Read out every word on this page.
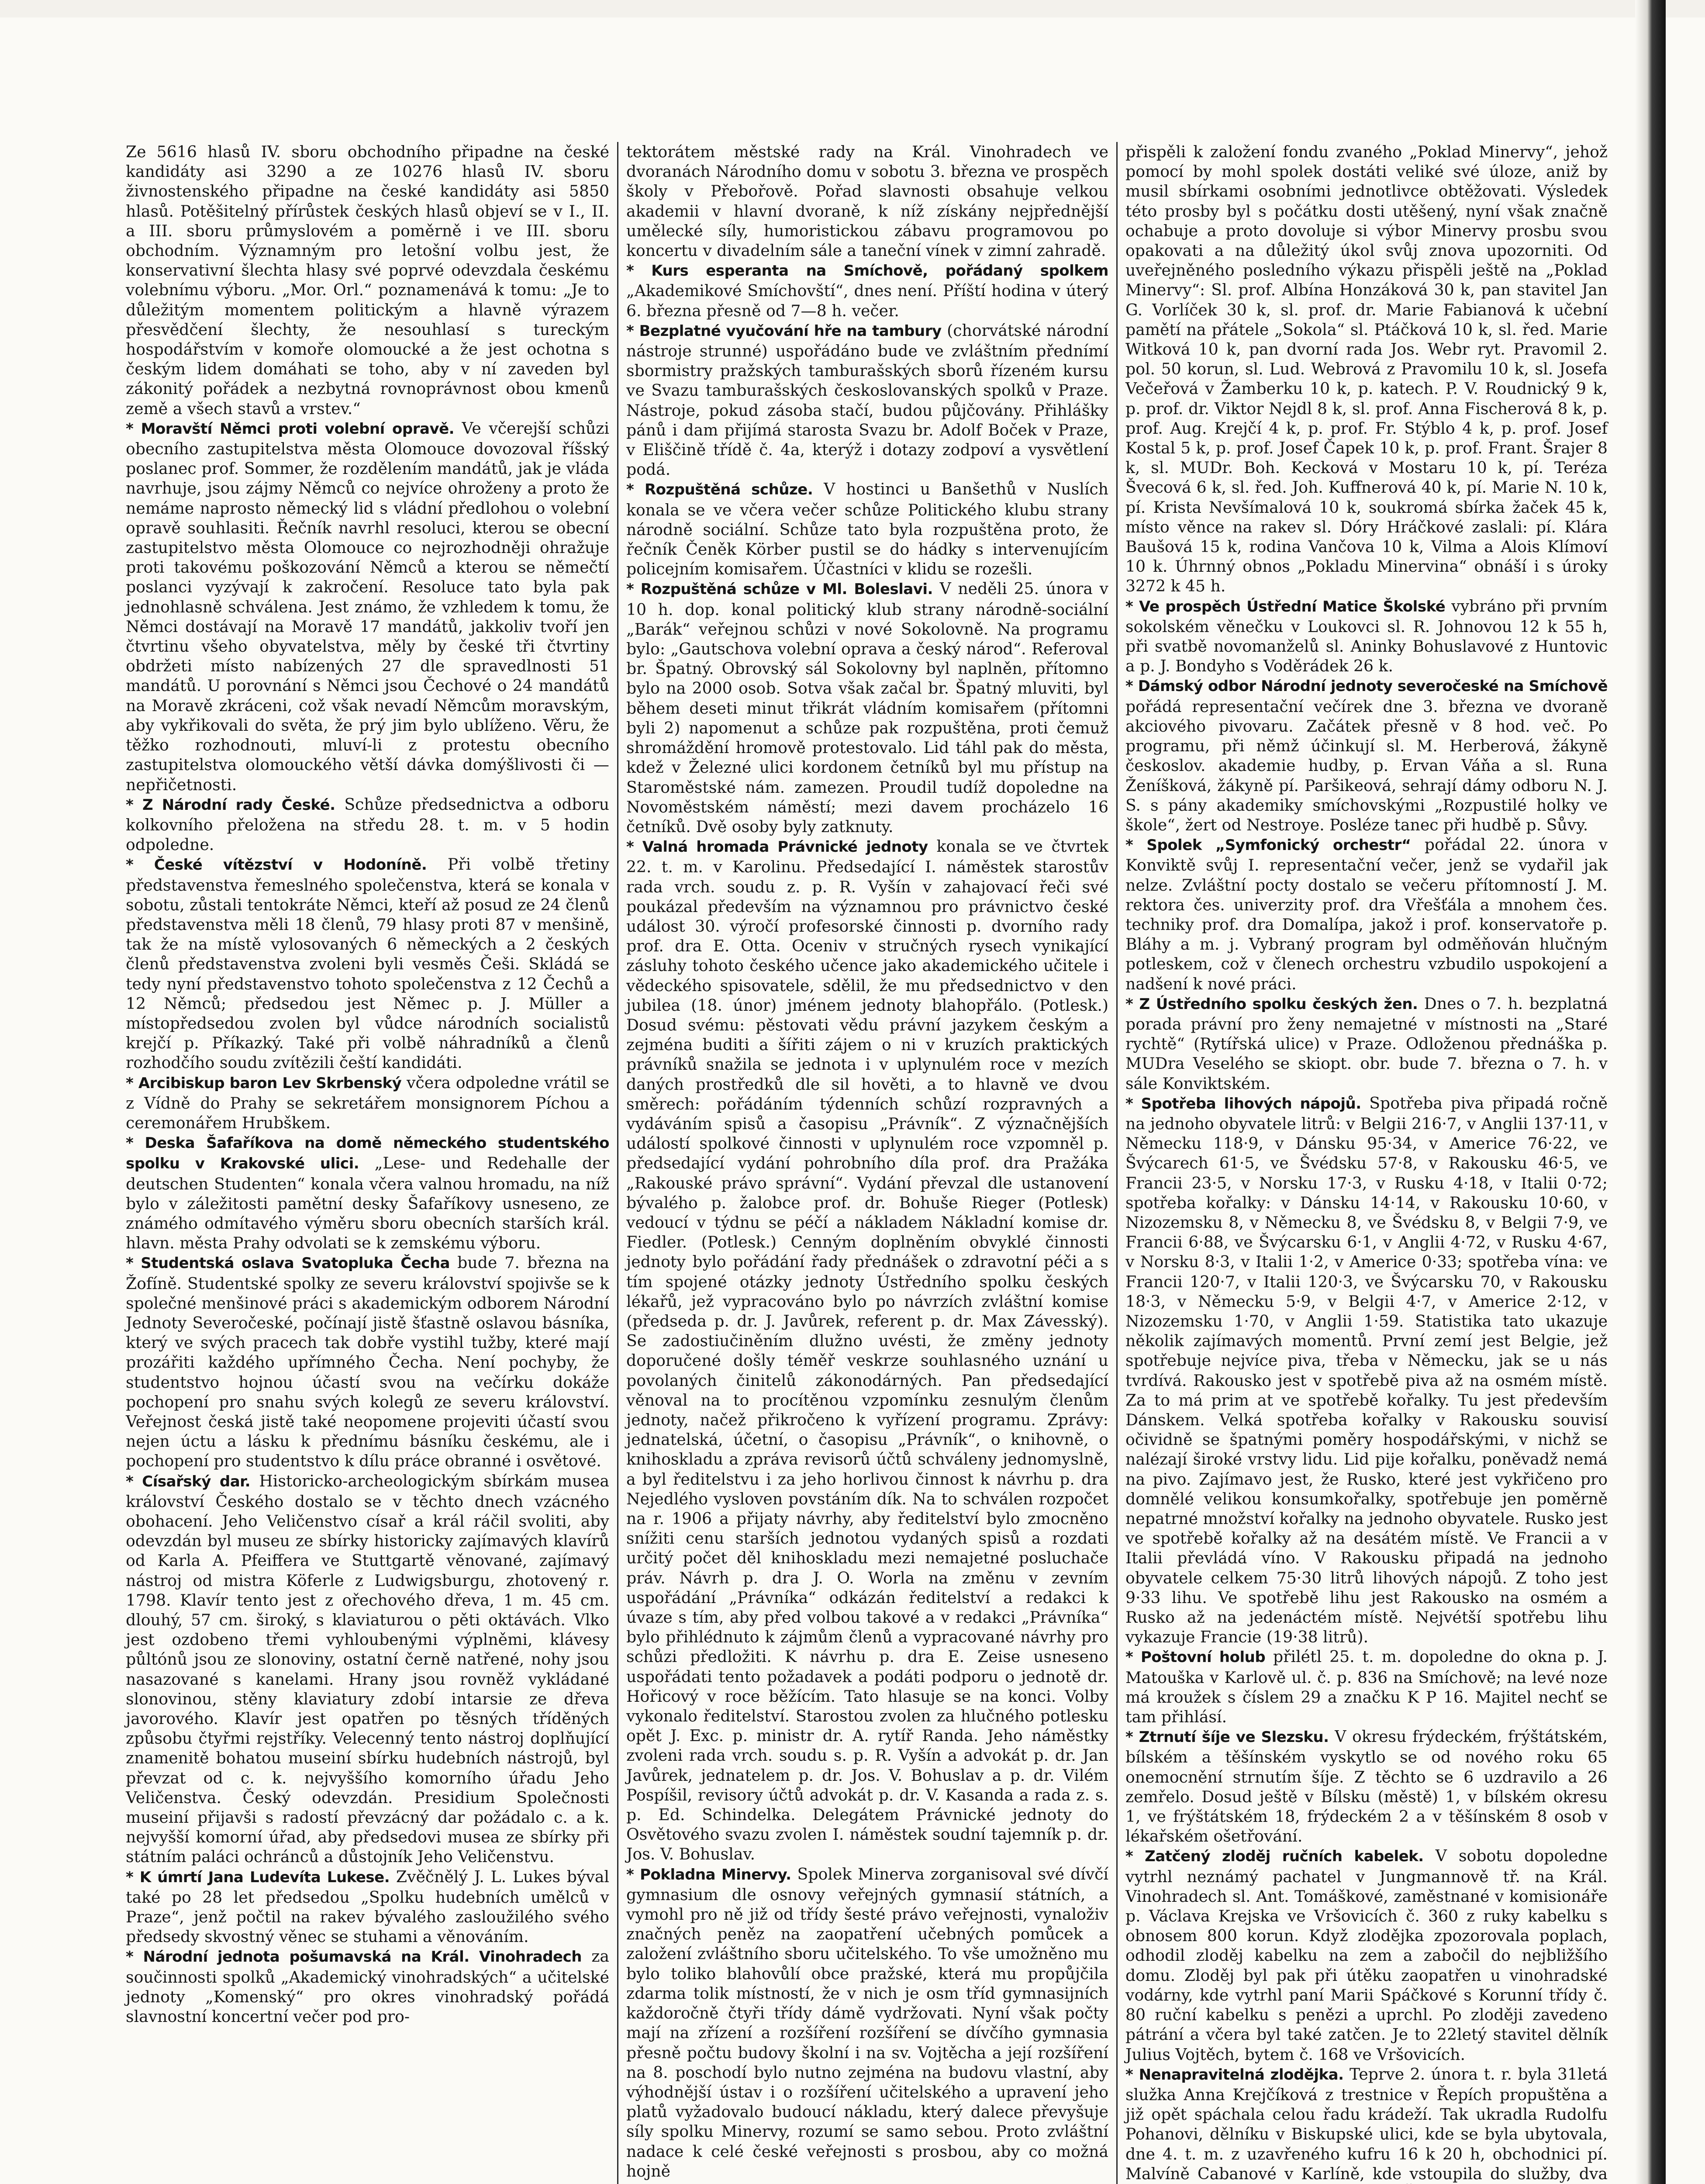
Ze 5616 hlasů IV. sboru obchodního připadne na české kandidáty asi 3290 a ze 10276 hlasů IV. sboru živnostenského připadne na české kandidáty asi 5850 hlasů. Potěšitelný přírůstek českých hlasů objeví se v I., II. a III. sboru průmyslovém a poměrně i ve III. sboru obchodním. Významným pro letošní volbu jest, že konservativní šlechta hlasy své poprvé odevzdala českému volebnímu výboru. „Mor. Orl.“ poznamenává k tomu: „Je to důležitým momentem politickým a hlavně výrazem přesvědčení šlechty, že nesouhlasí s tureckým hospodářstvím v komoře olomoucké a že jest ochotna s českým lidem domáhati se toho, aby v ní zaveden byl zákonitý pořádek a nezbytná rovnoprávnost obou kmenů země a všech stavů a vrstev.“

* Moravští Němci proti volební opravě. Ve včerejší schůzi obecního zastupitelstva města Olomouce dovozoval říšský poslanec prof. Sommer, že rozdělením mandátů, jak je vláda navrhuje, jsou zájmy Němců co nejvíce ohroženy a proto že nemáme naprosto německý lid s vládní předlohou o volební opravě souhlasiti. Řečník navrhl resoluci, kterou se obecní zastupitelstvo města Olomouce co nejrozhodněji ohražuje proti takovému poškozování Němců a kterou se němečtí poslanci vyzývají k zakročení. Resoluce tato byla pak jednohlasně schválena. Jest známo, že vzhledem k tomu, že Němci dostávají na Moravě 17 mandátů, jakkoliv tvoří jen čtvrtinu všeho obyvatelstva, měly by české tři čtvrtiny obdržeti místo nabízených 27 dle spravedlnosti 51 mandátů. U porovnání s Němci jsou Čechové o 24 mandátů na Moravě zkráceni, což však nevadí Němcům moravským, aby vykřikovali do světa, že prý jim bylo ublíženo. Věru, že těžko rozhodnouti, mluví-li z protestu obecního zastupitelstva olomouckého větší dávka domýšlivosti či — nepřičetnosti.

* Z Národní rady České. Schůze předsednictva a odboru kolkovního přeložena na středu 28. t. m. v 5 hodin odpoledne.

* České vítězství v Hodoníně. Při volbě třetiny představenstva řemeslného společenstva, která se konala v sobotu, zůstali tentokráte Němci, kteří až posud ze 24 členů představenstva měli 18 členů, 79 hlasy proti 87 v menšině, tak že na místě vylosovaných 6 německých a 2 českých členů představenstva zvoleni byli vesměs Češi. Skládá se tedy nyní představenstvo tohoto společenstva z 12 Čechů a 12 Němců; předsedou jest Němec p. J. Müller a místopředsedou zvolen byl vůdce národních socialistů krejčí p. Příkazký. Také při volbě náhradníků a členů rozhodčího soudu zvítězili čeští kandidáti.

* Arcibiskup baron Lev Skrbenský včera odpoledne vrátil se z Vídně do Prahy se sekretářem monsignorem Píchou a ceremonářem Hrubškem.

* Deska Šafaříkova na domě německého studentského spolku v Krakovské ulici. „Lese- und Redehalle der deutschen Studenten“ konala včera valnou hromadu, na níž bylo v záležitosti pamětní desky Šafaříkovy usneseno, ze známého odmítavého výměru sboru obecních starších král. hlavn. města Prahy odvolati se k zemskému výboru.

* Studentská oslava Svatopluka Čecha bude 7. března na Žofíně. Studentské spolky ze severu království spojivše se k společné menšinové práci s akademickým odborem Národní Jednoty Severočeské, počínají jistě šťastně oslavou básníka, který ve svých pracech tak dobře vystihl tužby, které mají prozářiti každého upřímného Čecha. Není pochyby, že studentstvo hojnou účastí svou na večírku dokáže pochopení pro snahu svých kolegů ze severu království. Veřejnost česká jistě také neopomene projeviti účastí svou nejen úctu a lásku k přednímu básníku českému, ale i pochopení pro studentstvo k dílu práce obranné i osvětové.

* Císařský dar. Historicko-archeologickým sbírkám musea království Českého dostalo se v těchto dnech vzácného obohacení. Jeho Veličenstvo císař a král ráčil svoliti, aby odevzdán byl museu ze sbírky historicky zajímavých klavírů od Karla A. Pfeiffera ve Stuttgartě věnované, zajímavý nástroj od mistra Köferle z Ludwigsburgu, zhotovený r. 1798. Klavír tento jest z ořechového dřeva, 1 m. 45 cm. dlouhý, 57 cm. široký, s klaviaturou o pěti oktávách. Vlko jest ozdobeno třemi vyhloubenými výplněmi, klávesy půltónů jsou ze slonoviny, ostatní černě natřené, nohy jsou nasazované s kanelami. Hrany jsou rovněž vykládané slonovinou, stěny klaviatury zdobí intarsie ze dřeva javorového. Klavír jest opatřen po těsných tříděných způsobu čtyřmi rejstříky. Velecenný tento nástroj doplňující znamenitě bohatou museiní sbírku hudebních nástrojů, byl převzat od c. k. nejvyššího komorního úřadu Jeho Veličenstva. Český odevzdán. Presidium Společnosti museiní přijavši s radostí převzácný dar požádalo c. a k. nejvyšší komorní úřad, aby předsedovi musea ze sbírky při státním paláci ochránců a důstojník Jeho Veličenstvu.

* K úmrtí Jana Ludevíta Lukese. Zvěčnělý J. L. Lukes býval také po 28 let předsedou „Spolku hudebních umělců v Praze“, jenž počtil na rakev bývalého zasloužilého svého předsedy skvostný věnec se stuhami a věnováním.

* Národní jednota pošumavská na Král. Vinohradech za součinnosti spolků „Akademický vinohradských“ a učitelské jednoty „Komenský“ pro okres vinohradský pořádá slavnostní koncertní večer pod pro-

tektorátem městské rady na Král. Vinohradech ve dvoranách Národního domu v sobotu 3. března ve prospěch školy v Přebořově. Pořad slavnosti obsahuje velkou akademii v hlavní dvoraně, k níž získány nejpřednější umělecké síly, humoristickou zábavu programovou po koncertu v divadelním sále a taneční vínek v zimní zahradě.

* Kurs esperanta na Smíchově, pořádaný spolkem „Akademikové Smíchovští“, dnes není. Příští hodina v úterý 6. března přesně od 7—8 h. večer.

* Bezplatné vyučování hře na tambury (chorvátské národní nástroje strunné) uspořádáno bude ve zvláštním přednímí sbormistry pražských tamburašských sborů řízeném kursu ve Svazu tamburašských českoslovanských spolků v Praze. Nástroje, pokud zásoba stačí, budou půjčovány. Přihlášky pánů i dam přijímá starosta Svazu br. Adolf Boček v Praze, v Eliščině třídě č. 4a, kterýž i dotazy zodpoví a vysvětlení podá.

* Rozpuštěná schůze. V hostinci u Banšethů v Nuslích konala se ve včera večer schůze Politického klubu strany národně sociální. Schůze tato byla rozpuštěna proto, že řečník Čeněk Körber pustil se do hádky s intervenujícím policejním komisařem. Účastníci v klidu se rozešli.

* Rozpuštěná schůze v Ml. Boleslavi. V neděli 25. února v 10 h. dop. konal politický klub strany národně-sociální „Barák“ veřejnou schůzi v nové Sokolovně. Na programu bylo: „Gautschova volební oprava a český národ“. Referoval br. Špatný. Obrovský sál Sokolovny byl naplněn, přítomno bylo na 2000 osob. Sotva však začal br. Špatný mluviti, byl během deseti minut třikrát vládním komisařem (přítomni byli 2) napomenut a schůze pak rozpuštěna, proti čemuž shromáždění hromově protestovalo. Lid táhl pak do města, kdež v Železné ulici kordonem četníků byl mu přístup na Staroměstské nám. zamezen. Proudil tudíž dopoledne na Novoměstském náměstí; mezi davem procházelo 16 četníků. Dvě osoby byly zatknuty.

* Valná hromada Právnické jednoty konala se ve čtvrtek 22. t. m. v Karolinu. Předsedající I. náměstek starostův rada vrch. soudu z. p. R. Vyšín v zahajovací řeči své poukázal především na významnou pro právnictvo české událost 30. výročí profesorské činnosti p. dvorního rady prof. dra E. Otta. Oceniv v stručných rysech vynikající zásluhy tohoto českého učence jako akademického učitele i vědeckého spisovatele, sdělil, že mu předsednictvo v den jubilea (18. únor) jménem jednoty blahopřálo. (Potlesk.) Dosud svému: pěstovati vědu právní jazykem českým a zejména buditi a šířiti zájem o ni v kruzích praktických právníků snažila se jednota i v uplynulém roce v mezích daných prostředků dle sil hověti, a to hlavně ve dvou směrech: pořádáním týdenních schůzí rozpravných a vydáváním spisů a časopisu „Právník“. Z význačnějších událostí spolkové činnosti v uplynulém roce vzpomněl p. předsedající vydání pohrobního díla prof. dra Pražáka „Rakouské právo správní“. Vydání převzal dle ustanovení bývalého p. žalobce prof. dr. Bohuše Rieger (Potlesk) vedoucí v týdnu se péčí a nákladem Nákladní komise dr. Fiedler. (Potlesk.) Cenným doplněním obvyklé činnosti jednoty bylo pořádání řady přednášek o zdravotní péči a s tím spojené otázky jednoty Ústředního spolku českých lékařů, jež vypracováno bylo po návrzích zvláštní komise (předseda p. dr. J. Javůrek, referent p. dr. Max Závesský). Se zadostiučiněním dlužno uvésti, že změny jednoty doporučené došly téměř veskrze souhlasného uznání u povolaných činitelů zákonodárných. Pan předsedající věnoval na to procítěnou vzpomínku zesnulým členům jednoty, načež přikročeno k vyřízení programu. Zprávy: jednatelská, účetní, o časopisu „Právník“, o knihovně, o knihoskladu a zpráva revisorů účtů schváleny jednomyslně, a byl ředitelstvu i za jeho horlivou činnost k návrhu p. dra Nejedlého vysloven povstáním dík. Na to schválen rozpočet na r. 1906 a přijaty návrhy, aby ředitelství bylo zmocněno snížiti cenu starších jednotou vydaných spisů a rozdati určitý počet děl knihoskladu mezi nemajetné posluchače práv. Návrh p. dra J. O. Worla na změnu v zevním uspořádání „Právníka“ odkázán ředitelství a redakci k úvaze s tím, aby před volbou takové a v redakci „Právníka“ bylo přihlédnuto k zájmům členů a vypracované návrhy pro schůzi předložiti. K návrhu p. dra E. Zeise usneseno uspořádati tento požadavek a podáti podporu o jednotě dr. Hořicový v roce běžícím. Tato hlasuje se na konci. Volby vykonalo ředitelství. Starostou zvolen za hlučného potlesku opět J. Exc. p. ministr dr. A. rytíř Randa. Jeho náměstky zvoleni rada vrch. soudu s. p. R. Vyšín a advokát p. dr. Jan Javůrek, jednatelem p. dr. Jos. V. Bohuslav a p. dr. Vilém Pospíšil, revisory účtů advokát p. dr. V. Kasanda a rada z. s. p. Ed. Schindelka. Delegátem Právnické jednoty do Osvětového svazu zvolen I. náměstek soudní tajemník p. dr. Jos. V. Bohuslav.

* Pokladna Minervy. Spolek Minerva zorganisoval své dívčí gymnasium dle osnovy veřejných gymnasií státních, a vymohl pro ně již od třídy šesté právo veřejnosti, vynaloživ značných peněz na zaopatření učebných pomůcek a založení zvláštního sboru učitelského. To vše umožněno mu bylo toliko blahovůlí obce pražské, která mu propůjčila zdarma tolik místností, že v nich je osm tříd gymnasijních každoročně čtyři třídy dámě vydržovati. Nyní však počty mají na zřízení a rozšíření rozšíření se dívčího gymnasia přesně počtu budovy školní i na sv. Vojtěcha a její rozšíření na 8. poschodí bylo nutno zejména na budovu vlastní, aby výhodnější ústav i o rozšíření učitelského a upravení jeho platů vyžadovalo budoucí nákladu, který dalece převyšuje síly spolku Minervy, rozumí se samo sebou. Proto zvláštní nadace k celé české veřejnosti s prosbou, aby co možná hojně

přispěli k založení fondu zvaného „Poklad Minervy“, jehož pomocí by mohl spolek dostáti veliké své úloze, aniž by musil sbírkami osobními jednotlivce obtěžovati. Výsledek této prosby byl s počátku dosti utěšený, nyní však značně ochabuje a proto dovoluje si výbor Minervy prosbu svou opakovati a na důležitý úkol svůj znova upozorniti. Od uveřejněného posledního výkazu přispěli ještě na „Poklad Minervy“: Sl. prof. Albína Honzáková 30 k, pan stavitel Jan G. Vorlíček 30 k, sl. prof. dr. Marie Fabianová k učební pamětí na přátele „Sokola“ sl. Ptáčková 10 k, sl. řed. Marie Witková 10 k, pan dvorní rada Jos. Webr ryt. Pravomil 2. pol. 50 korun, sl. Lud. Webrová z Pravomilu 10 k, sl. Josefa Večeřová v Žamberku 10 k, p. katech. P. V. Roudnický 9 k, p. prof. dr. Viktor Nejdl 8 k, sl. prof. Anna Fischerová 8 k, p. prof. Aug. Krejčí 4 k, p. prof. Fr. Stýblo 4 k, p. prof. Josef Kostal 5 k, p. prof. Josef Čapek 10 k, p. prof. Frant. Šrajer 8 k, sl. MUDr. Boh. Kecková v Mostaru 10 k, pí. Teréza Švecová 6 k, sl. řed. Joh. Kuffnerová 40 k, pí. Marie N. 10 k, pí. Krista Nevšímalová 10 k, soukromá sbírka žaček 45 k, místo věnce na rakev sl. Dóry Hráčkové zaslali: pí. Klára Baušová 15 k, rodina Vančova 10 k, Vilma a Alois Klímoví 10 k. Úhrnný obnos „Pokladu Minervina“ obnáší i s úroky 3272 k 45 h.

* Ve prospěch Ústřední Matice Školské vybráno při prvním sokolském věnečku v Loukovci sl. R. Johnovou 12 k 55 h, při svatbě novomanželů sl. Aninky Bohuslavové z Huntovic a p. J. Bondyho s Voděrádek 26 k.

* Dámský odbor Národní jednoty severočeské na Smíchově pořádá representační večírek dne 3. března ve dvoraně akciového pivovaru. Začátek přesně v 8 hod. več. Po programu, při němž účinkují sl. M. Herberová, žákyně českoslov. akademie hudby, p. Ervan Váňa a sl. Runa Ženíšková, žákyně pí. Paršikeová, sehrají dámy odboru N. J. S. s pány akademiky smíchovskými „Rozpustilé holky ve škole“, žert od Nestroye. Posléze tanec při hudbě p. Sůvy.

* Spolek „Symfonický orchestr“ pořádal 22. února v Konviktě svůj I. representační večer, jenž se vydařil jak nelze. Zvláštní pocty dostalo se večeru přítomností J. M. rektora čes. univerzity prof. dra Vřešťála a mnohem čes. techniky prof. dra Domalípa, jakož i prof. konservatoře p. Bláhy a m. j. Vybraný program byl odměňován hlučným potleskem, což v členech orchestru vzbudilo uspokojení a nadšení k nové práci.

* Z Ústředního spolku českých žen. Dnes o 7. h. bezplatná porada právní pro ženy nemajetné v místnosti na „Staré rychtě“ (Rytířská ulice) v Praze. Odloženou přednáška p. MUDra Veselého se skiopt. obr. bude 7. března o 7. h. v sále Konviktském.

* Spotřeba lihových nápojů. Spotřeba piva připadá ročně na jednoho obyvatele litrů: v Belgii 216·7, v Anglii 137·11, v Německu 118·9, v Dánsku 95·34, v Americe 76·22, ve Švýcarech 61·5, ve Švédsku 57·8, v Rakousku 46·5, ve Francii 23·5, v Norsku 17·3, v Rusku 4·18, v Italii 0·72; spotřeba kořalky: v Dánsku 14·14, v Rakousku 10·60, v Nizozemsku 8, v Německu 8, ve Švédsku 8, v Belgii 7·9, ve Francii 6·88, ve Švýcarsku 6·1, v Anglii 4·72, v Rusku 4·67, v Norsku 8·3, v Italii 1·2, v Americe 0·33; spotřeba vína: ve Francii 120·7, v Italii 120·3, ve Švýcarsku 70, v Rakousku 18·3, v Německu 5·9, v Belgii 4·7, v Americe 2·12, v Nizozemsku 1·70, v Anglii 1·59. Statistika tato ukazuje několik zajímavých momentů. První zemí jest Belgie, jež spotřebuje nejvíce piva, třeba v Německu, jak se u nás tvrdívá. Rakousko jest v spotřebě piva až na osmém místě. Za to má prim at ve spotřebě kořalky. Tu jest především Dánskem. Velká spotřeba kořalky v Rakousku souvisí očividně se špatnými poměry hospodářskými, v nichž se nalézají široké vrstvy lidu. Lid pije kořalku, poněvadž nemá na pivo. Zajímavo jest, že Rusko, které jest vykřičeno pro domnělé velikou konsumkořalky, spotřebuje jen poměrně nepatrné množství kořalky na jednoho obyvatele. Rusko jest ve spotřebě kořalky až na desátém místě. Ve Francii a v Italii převládá víno. V Rakousku připadá na jednoho obyvatele celkem 75·30 litrů lihových nápojů. Z toho jest 9·33 lihu. Ve spotřebě lihu jest Rakousko na osmém a Rusko až na jedenáctém místě. Nejvétší spotřebu lihu vykazuje Francie (19·38 litrů).

* Poštovní holub přilétl 25. t. m. dopoledne do okna p. J. Matouška v Karlově ul. č. p. 836 na Smíchově; na levé noze má kroužek s číslem 29 a značku K P 16. Majitel nechť se tam přihlásí.

* Ztrnutí šíje ve Slezsku. V okresu frýdeckém, frýštátském, bílském a těšínském vyskytlo se od nového roku 65 onemocnění strnutím šíje. Z těchto se 6 uzdravilo a 26 zemřelo. Dosud ještě v Bílsku (městě) 1, v bílském okresu 1, ve frýštátském 18, frýdeckém 2 a v těšínském 8 osob v lékařském ošetřování.

* Zatčený zloděj ručních kabelek. V sobotu dopoledne vytrhl neznámý pachatel v Jungmannově tř. na Král. Vinohradech sl. Ant. Tomáškové, zaměstnané v komisionáře p. Václava Krejska ve Vršovicích č. 360 z ruky kabelku s obnosem 800 korun. Když zlodějka zpozorovala poplach, odhodil zloděj kabelku na zem a zabočil do nejbližšího domu. Zloděj byl pak při útěku zaopatřen u vinohradské vodárny, kde vytrhl paní Marii Spáčkové s Korunní třídy č. 80 ruční kabelku s penězi a uprchl. Po zloději zavedeno pátrání a včera byl také zatčen. Je to 22letý stavitel dělník Julius Vojtěch, bytem č. 168 ve Vršovicích.

* Nenapravitelná zlodějka. Teprve 2. února t. r. byla 31letá služka Anna Krejčíková z trestnice v Řepích propuštěna a již opět spáchala celou řadu krádeží. Tak ukradla Rudolfu Pohanovi, dělníku v Biskupské ulici, kde se byla ubytovala, dne 4. t. m. z uzavřeného kufru 16 k 20 h, obchodnici pí. Malvíně Cabanové v Karlíně, kde vstoupila do služby, dva
